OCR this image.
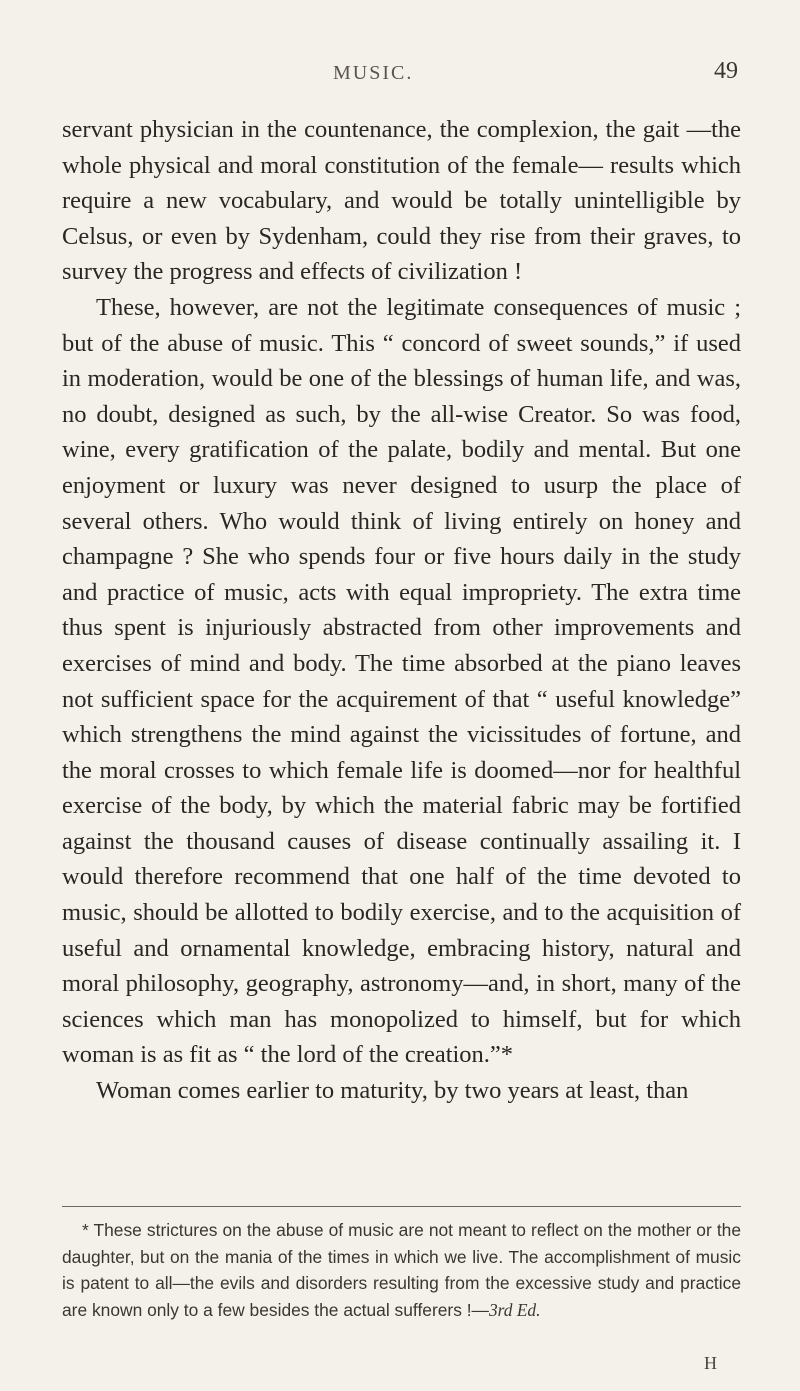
MUSIC.	49

servant physician in the countenance, the complexion, the gait —the whole physical and moral constitution of the female— results which require a new vocabulary, and would be totally unintelligible by Celsus, or even by Sydenham, could they rise from their graves, to survey the progress and effects of civilization !

These, however, are not the legitimate consequences of music ; but of the abuse of music. This “ concord of sweet sounds,” if used in moderation, would be one of the blessings of human life, and was, no doubt, designed as such, by the all-wise Creator. So was food, wine, every gratification of the palate, bodily and mental. But one enjoyment or luxury was never designed to usurp the place of several others. Who would think of living entirely on honey and champagne ? She who spends four or five hours daily in the study and practice of music, acts with equal impropriety. The extra time thus spent is injuriously abstracted from other improvements and exercises of mind and body. The time absorbed at the piano leaves not sufficient space for the acquirement of that “ useful knowledge” which strengthens the mind against the vicissitudes of fortune, and the moral crosses to which female life is doomed—nor for healthful exercise of the body, by which the material fabric may be fortified against the thousand causes of disease continually assailing it. I would therefore recommend that one half of the time devoted to music, should be allotted to bodily exercise, and to the acquisition of useful and ornamental knowledge, embracing history, natural and moral philosophy, geography, astronomy—and, in short, many of the sciences which man has monopolized to himself, but for which woman is as fit as “ the lord of the creation.”*

Woman comes earlier to maturity, by two years at least, than

* These strictures on the abuse of music are not meant to reflect on the mother or the daughter, but on the mania of the times in which we live. The accomplishment of music is patent to all—the evils and disorders resulting from the excessive study and practice are known only to a few besides the actual sufferers !—3rd Ed.
H
